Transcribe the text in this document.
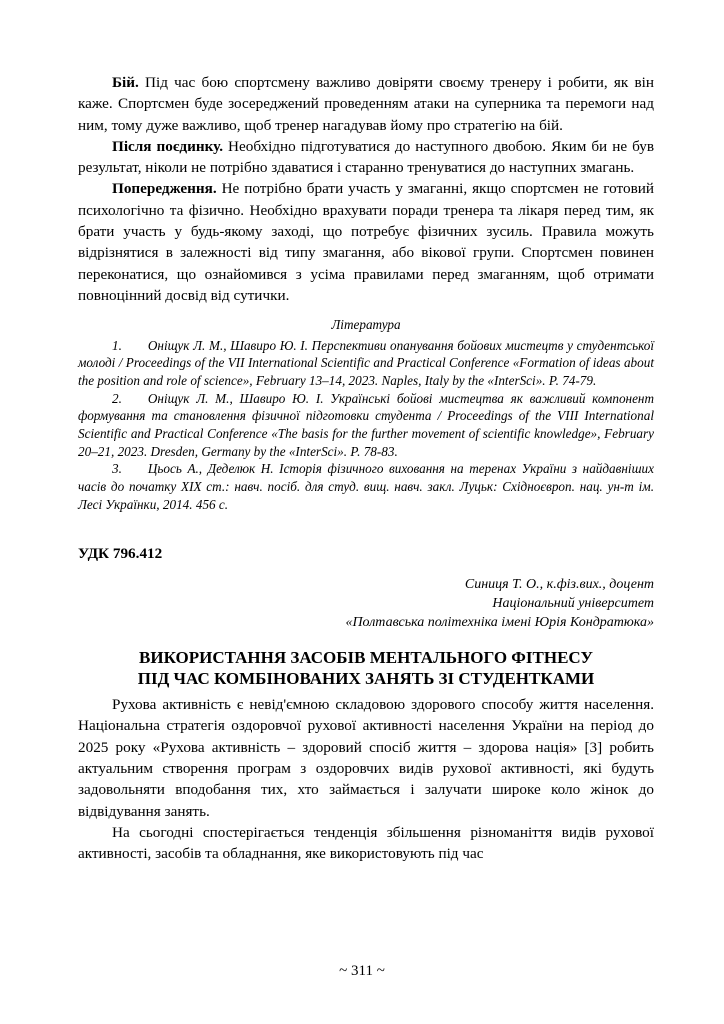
Бій. Під час бою спортсмену важливо довіряти своєму тренеру і робити, як він каже. Спортсмен буде зосереджений проведенням атаки на суперника та перемоги над ним, тому дуже важливо, щоб тренер нагадував йому про стратегію на бій.

Після поєдинку. Необхідно підготуватися до наступного двобою. Яким би не був результат, ніколи не потрібно здаватися і старанно тренуватися до наступних змагань.

Попередження. Не потрібно брати участь у змаганні, якщо спортсмен не готовий психологічно та фізично. Необхідно врахувати поради тренера та лікаря перед тим, як брати участь у будь-якому заході, що потребує фізичних зусиль. Правила можуть відрізнятися в залежності від типу змагання, або вікової групи. Спортсмен повинен переконатися, що ознайомився з усіма правилами перед змаганням, щоб отримати повноцінний досвід від сутички.

Література

1. Оніщук Л. М., Шавиро Ю. І. Перспективи опанування бойових мистецтв у студентської молоді / Proceedings of the VII International Scientific and Practical Conference «Formation of ideas about the position and role of science», February 13–14, 2023. Naples, Italy by the «InterSci». Р. 74-79.

2. Оніщук Л. М., Шавиро Ю. І. Українські бойові мистецтва як важливий компонент формування та становлення фізичної підготовки студента / Proceedings of the VIII International Scientific and Practical Conference «The basis for the further movement of scientific knowledge», February 20–21, 2023. Dresden, Germany by the «InterSci». Р. 78-83.

3. Цьось А., Деделюк Н. Історія фізичного виховання на теренах України з найдавніших часів до початку ХІХ ст.: навч. посіб. для студ. вищ. навч. закл. Луцьк: Східноєвроп. нац. ун-т ім. Лесі Українки, 2014. 456 с.

УДК 796.412

Синиця Т. О., к.фіз.вих., доцент
Національний університет
«Полтавська політехніка імені Юрія Кондратюка»

ВИКОРИСТАННЯ ЗАСОБІВ МЕНТАЛЬНОГО ФІТНЕСУ
ПІД ЧАС КОМБІНОВАНИХ ЗАНЯТЬ ЗІ СТУДЕНТКАМИ

Рухова активність є невід'ємною складовою здорового способу життя населення. Національна стратегія оздоровчої рухової активності населення України на період до 2025 року «Рухова активність – здоровий спосіб життя – здорова нація» [3] робить актуальним створення програм з оздоровчих видів рухової активності, які будуть задовольняти вподобання тих, хто займається і залучати широке коло жінок до відвідування занять.

На сьогодні спостерігається тенденція збільшення різноманіття видів рухової активності, засобів та обладнання, яке використовують під час

~ 311 ~
